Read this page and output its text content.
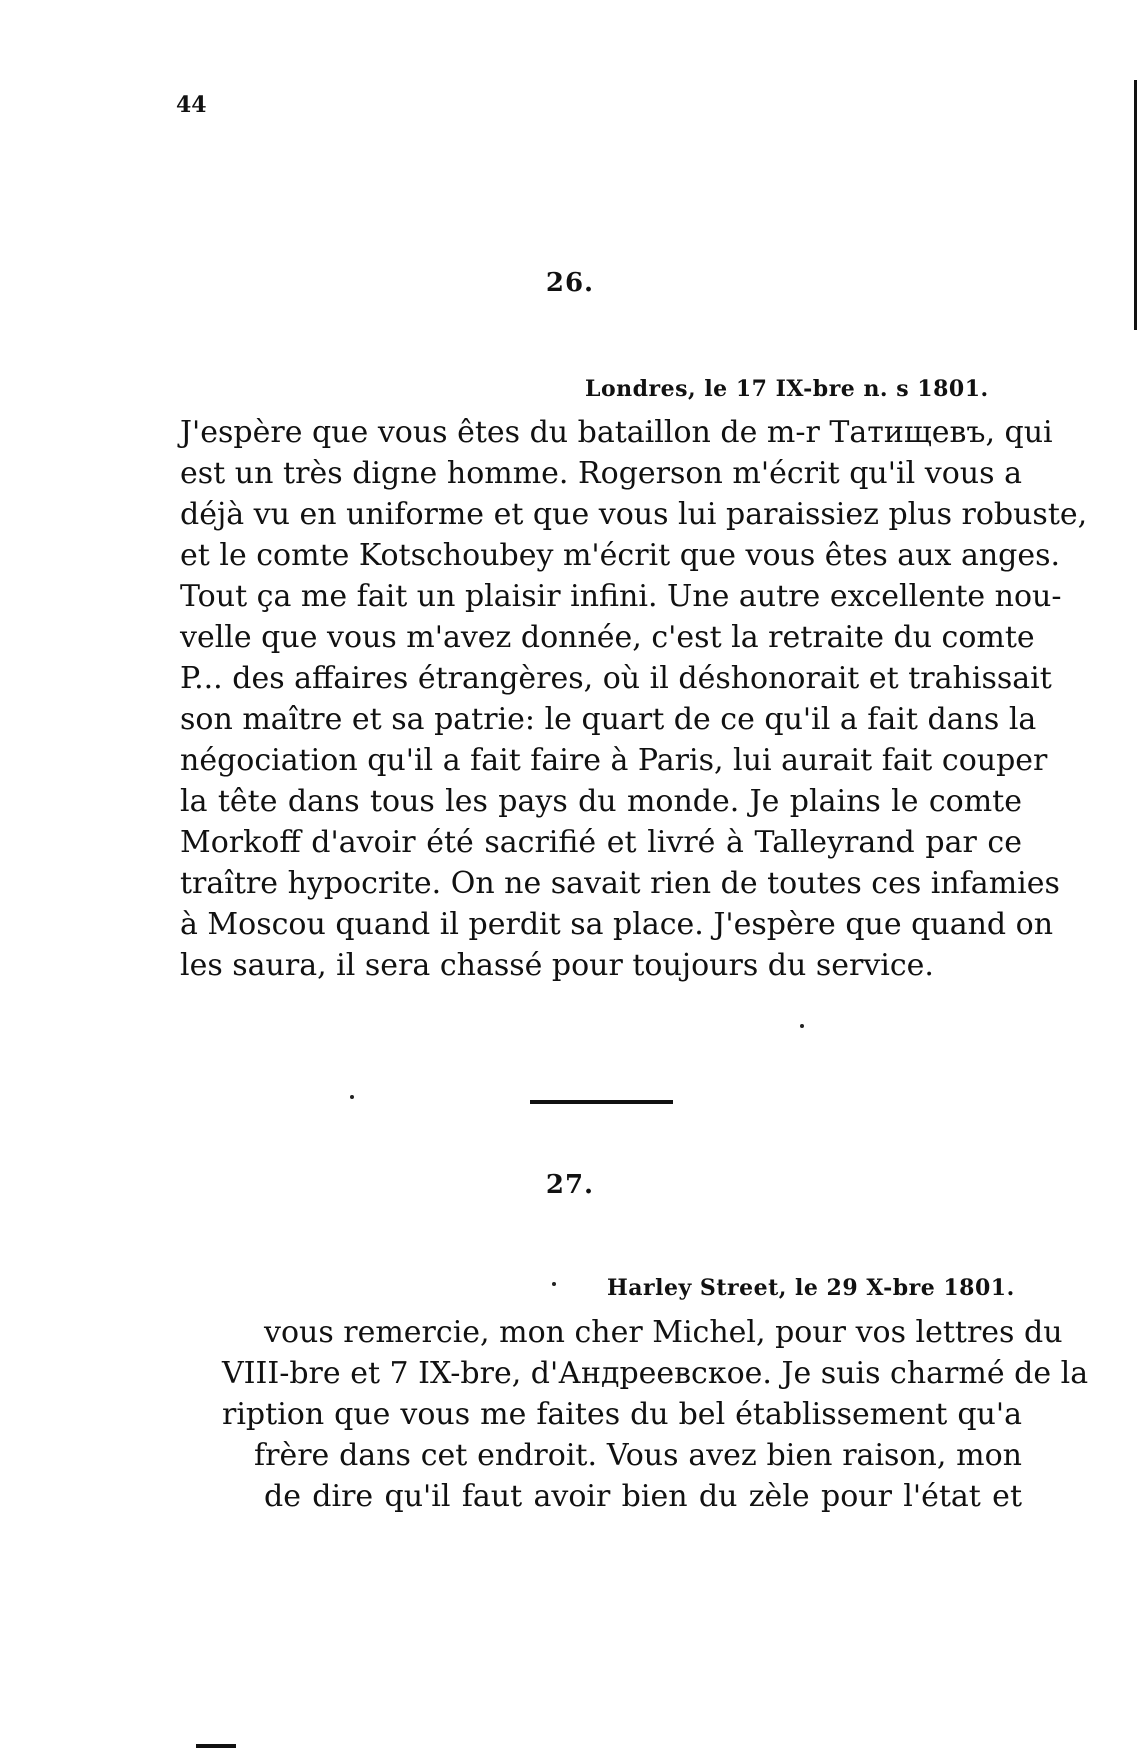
44
26.
Londres, le 17 IX-bre n. s 1801.
J'espère que vous êtes du bataillon de m-r Татищевъ, qui
est un très digne homme. Rogerson m'écrit qu'il vous a
déjà vu en uniforme et que vous lui paraissiez plus robuste,
et le comte Kotschoubey m'écrit que vous êtes aux anges.
Tout ça me fait un plaisir infini. Une autre excellente nou-
velle que vous m'avez donnée, c'est la retraite du comte
P... des affaires étrangères, où il déshonorait et trahissait
son maître et sa patrie: le quart de ce qu'il a fait dans la
négociation qu'il a fait faire à Paris, lui aurait fait couper
la tête dans tous les pays du monde. Je plains le comte
Morkoff d'avoir été sacrifié et livré à Talleyrand par ce
traître hypocrite. On ne savait rien de toutes ces infamies
à Moscou quand il perdit sa place. J'espère que quand on
les saura, il sera chassé pour toujours du service.
27.
Harley Street, le 29 X-bre 1801.
vous remercie, mon cher Michel, pour vos lettres du
VIII-bre et 7 IX-bre, d'Андреевское. Je suis charmé de la
ription que vous me faites du bel établissement qu'a
frère dans cet endroit. Vous avez bien raison, mon
de dire qu'il faut avoir bien du zèle pour l'état et
